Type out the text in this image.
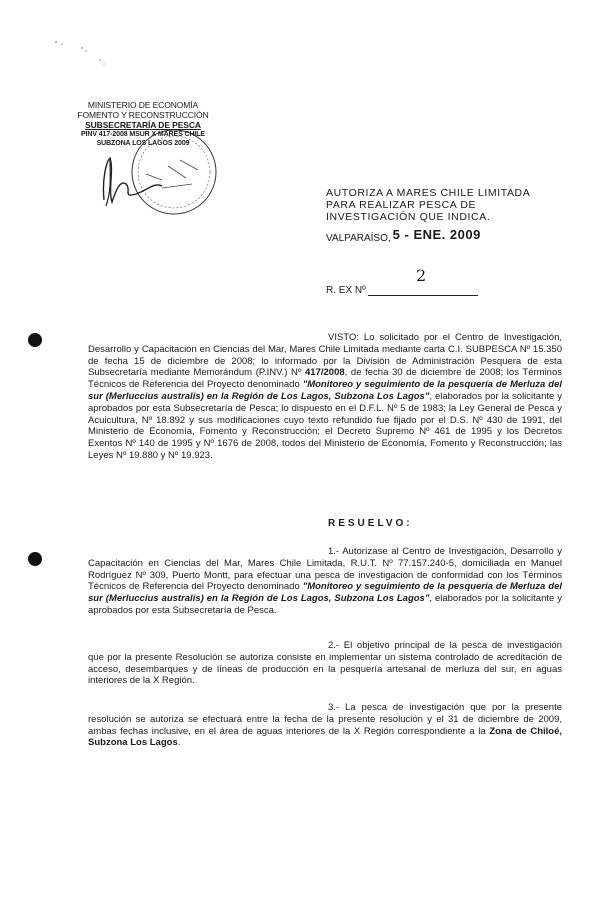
MINISTERIO DE ECONOMÍA
FOMENTO Y RECONSTRUCCIÓN
SUBSECRETARÍA DE PESCA
PINV 417-2008 MSUR X MARES CHILE
SUBZONA LOS LAGOS 2009
AUTORIZA A MARES CHILE LIMITADA PARA REALIZAR PESCA DE INVESTIGACIÓN QUE INDICA.
VALPARAÍSO, 5 - ENE. 2009
2
R. EX Nº
VISTO: Lo solicitado por el Centro de Investigación, Desarrollo y Capacitación en Ciencias del Mar, Mares Chile Limitada mediante carta C.I. SUBPESCA Nº 15.350 de fecha 15 de diciembre de 2008; lo informado por la División de Administración Pesquera de esta Subsecretaría mediante Memorándum (P.INV.) Nº 417/2008, de fecha 30 de diciembre de 2008; los Términos Técnicos de Referencia del Proyecto denominado "Monitoreo y seguimiento de la pesquería de Merluza del sur (Merluccius australis) en la Región de Los Lagos, Subzona Los Lagos", elaborados por la solicitante y aprobados por esta Subsecretaría de Pesca; lo dispuesto en el D.F.L. Nº 5 de 1983; la Ley General de Pesca y Acuicultura, Nº 18.892 y sus modificaciones cuyo texto refundido fue fijado por el D.S. Nº 430 de 1991, del Ministerio de Economía, Fomento y Reconstrucción; el Decreto Supremo Nº 461 de 1995 y los Decretos Exentos Nº 140 de 1995 y Nº 1676 de 2008, todos del Ministerio de Economía, Fomento y Reconstrucción; las Leyes Nº 19.880 y Nº 19.923.
RESUELVO:
1.- Autorízase al Centro de Investigación, Desarrollo y Capacitación en Ciencias del Mar, Mares Chile Limitada, R.U.T. Nº 77.157.240-5, domiciliada en Manuel Rodríguez Nº 309, Puerto Montt, para efectuar una pesca de investigación de conformidad con los Términos Técnicos de Referencia del Proyecto denominado "Monitoreo y seguimiento de la pesquería de Merluza del sur (Merluccius australis) en la Región de Los Lagos, Subzona Los Lagos", elaborados por la solicitante y aprobados por esta Subsecretaría de Pesca.
2.- El objetivo principal de la pesca de investigación que por la presente Resolución se autoriza consiste en implementar un sistema controlado de acreditación de acceso, desembarques y de líneas de producción en la pesquería artesanal de merluza del sur, en aguas interiores de la X Región.
3.- La pesca de investigación que por la presente resolución se autoriza se efectuará entre la fecha de la presente resolución y el 31 de diciembre de 2009, ambas fechas inclusive, en el área de aguas interiores de la X Región correspondiente a la Zona de Chiloé, Subzona Los Lagos.
